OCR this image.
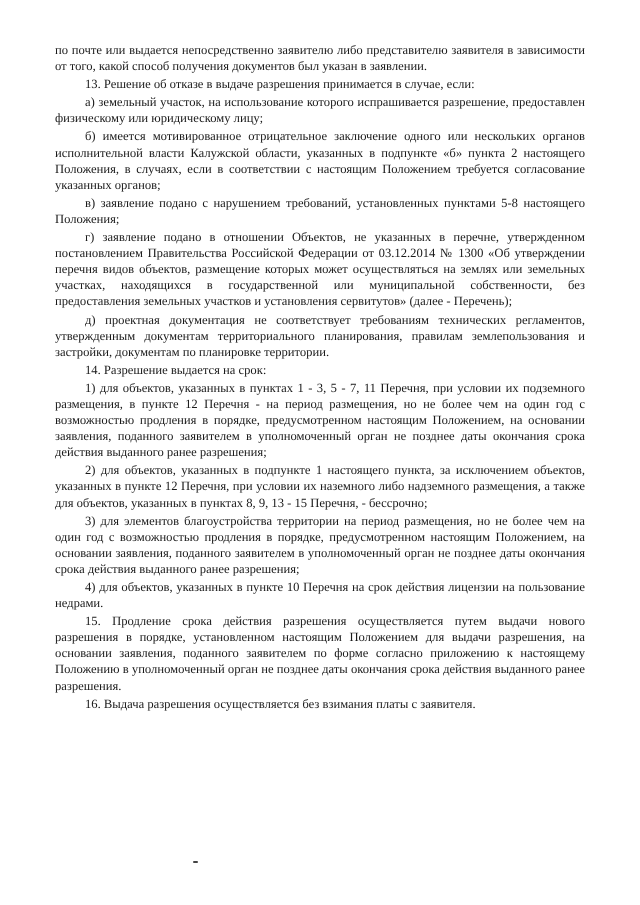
по почте или выдается непосредственно заявителю либо представителю заявителя в зависимости от того, какой способ получения документов был указан в заявлении.

13. Решение об отказе в выдаче разрешения принимается в случае, если:

а) земельный участок, на использование которого испрашивается разрешение, предоставлен физическому или юридическому лицу;

б) имеется мотивированное отрицательное заключение одного или нескольких органов исполнительной власти Калужской области, указанных в подпункте «б» пункта 2 настоящего Положения, в случаях, если в соответствии с настоящим Положением требуется согласование указанных органов;

в) заявление подано с нарушением требований, установленных пунктами 5-8 настоящего Положения;

г) заявление подано в отношении Объектов, не указанных в перечне, утвержденном постановлением Правительства Российской Федерации от 03.12.2014 № 1300 «Об утверждении перечня видов объектов, размещение которых может осуществляться на землях или земельных участках, находящихся в государственной или муниципальной собственности, без предоставления земельных участков и установления сервитутов» (далее - Перечень);

д) проектная документация не соответствует требованиям технических регламентов, утвержденным документам территориального планирования, правилам землепользования и застройки, документам по планировке территории.

14. Разрешение выдается на срок:

1) для объектов, указанных в пунктах 1 - 3, 5 - 7, 11 Перечня, при условии их подземного размещения, в пункте 12 Перечня - на период размещения, но не более чем на один год с возможностью продления в порядке, предусмотренном настоящим Положением, на основании заявления, поданного заявителем в уполномоченный орган не позднее даты окончания срока действия выданного ранее разрешения;

2) для объектов, указанных в подпункте 1 настоящего пункта, за исключением объектов, указанных в пункте 12 Перечня, при условии их наземного либо надземного размещения, а также для объектов, указанных в пунктах 8, 9, 13 - 15 Перечня, - бессрочно;

3) для элементов благоустройства территории на период размещения, но не более чем на один год с возможностью продления в порядке, предусмотренном настоящим Положением, на основании заявления, поданного заявителем в уполномоченный орган не позднее даты окончания срока действия выданного ранее разрешения;

4) для объектов, указанных в пункте 10 Перечня на срок действия лицензии на пользование недрами.

15. Продление срока действия разрешения осуществляется путем выдачи нового разрешения в порядке, установленном настоящим Положением для выдачи разрешения, на основании заявления, поданного заявителем по форме согласно приложению к настоящему Положению в уполномоченный орган не позднее даты окончания срока действия выданного ранее разрешения.

16. Выдача разрешения осуществляется без взимания платы с заявителя.
